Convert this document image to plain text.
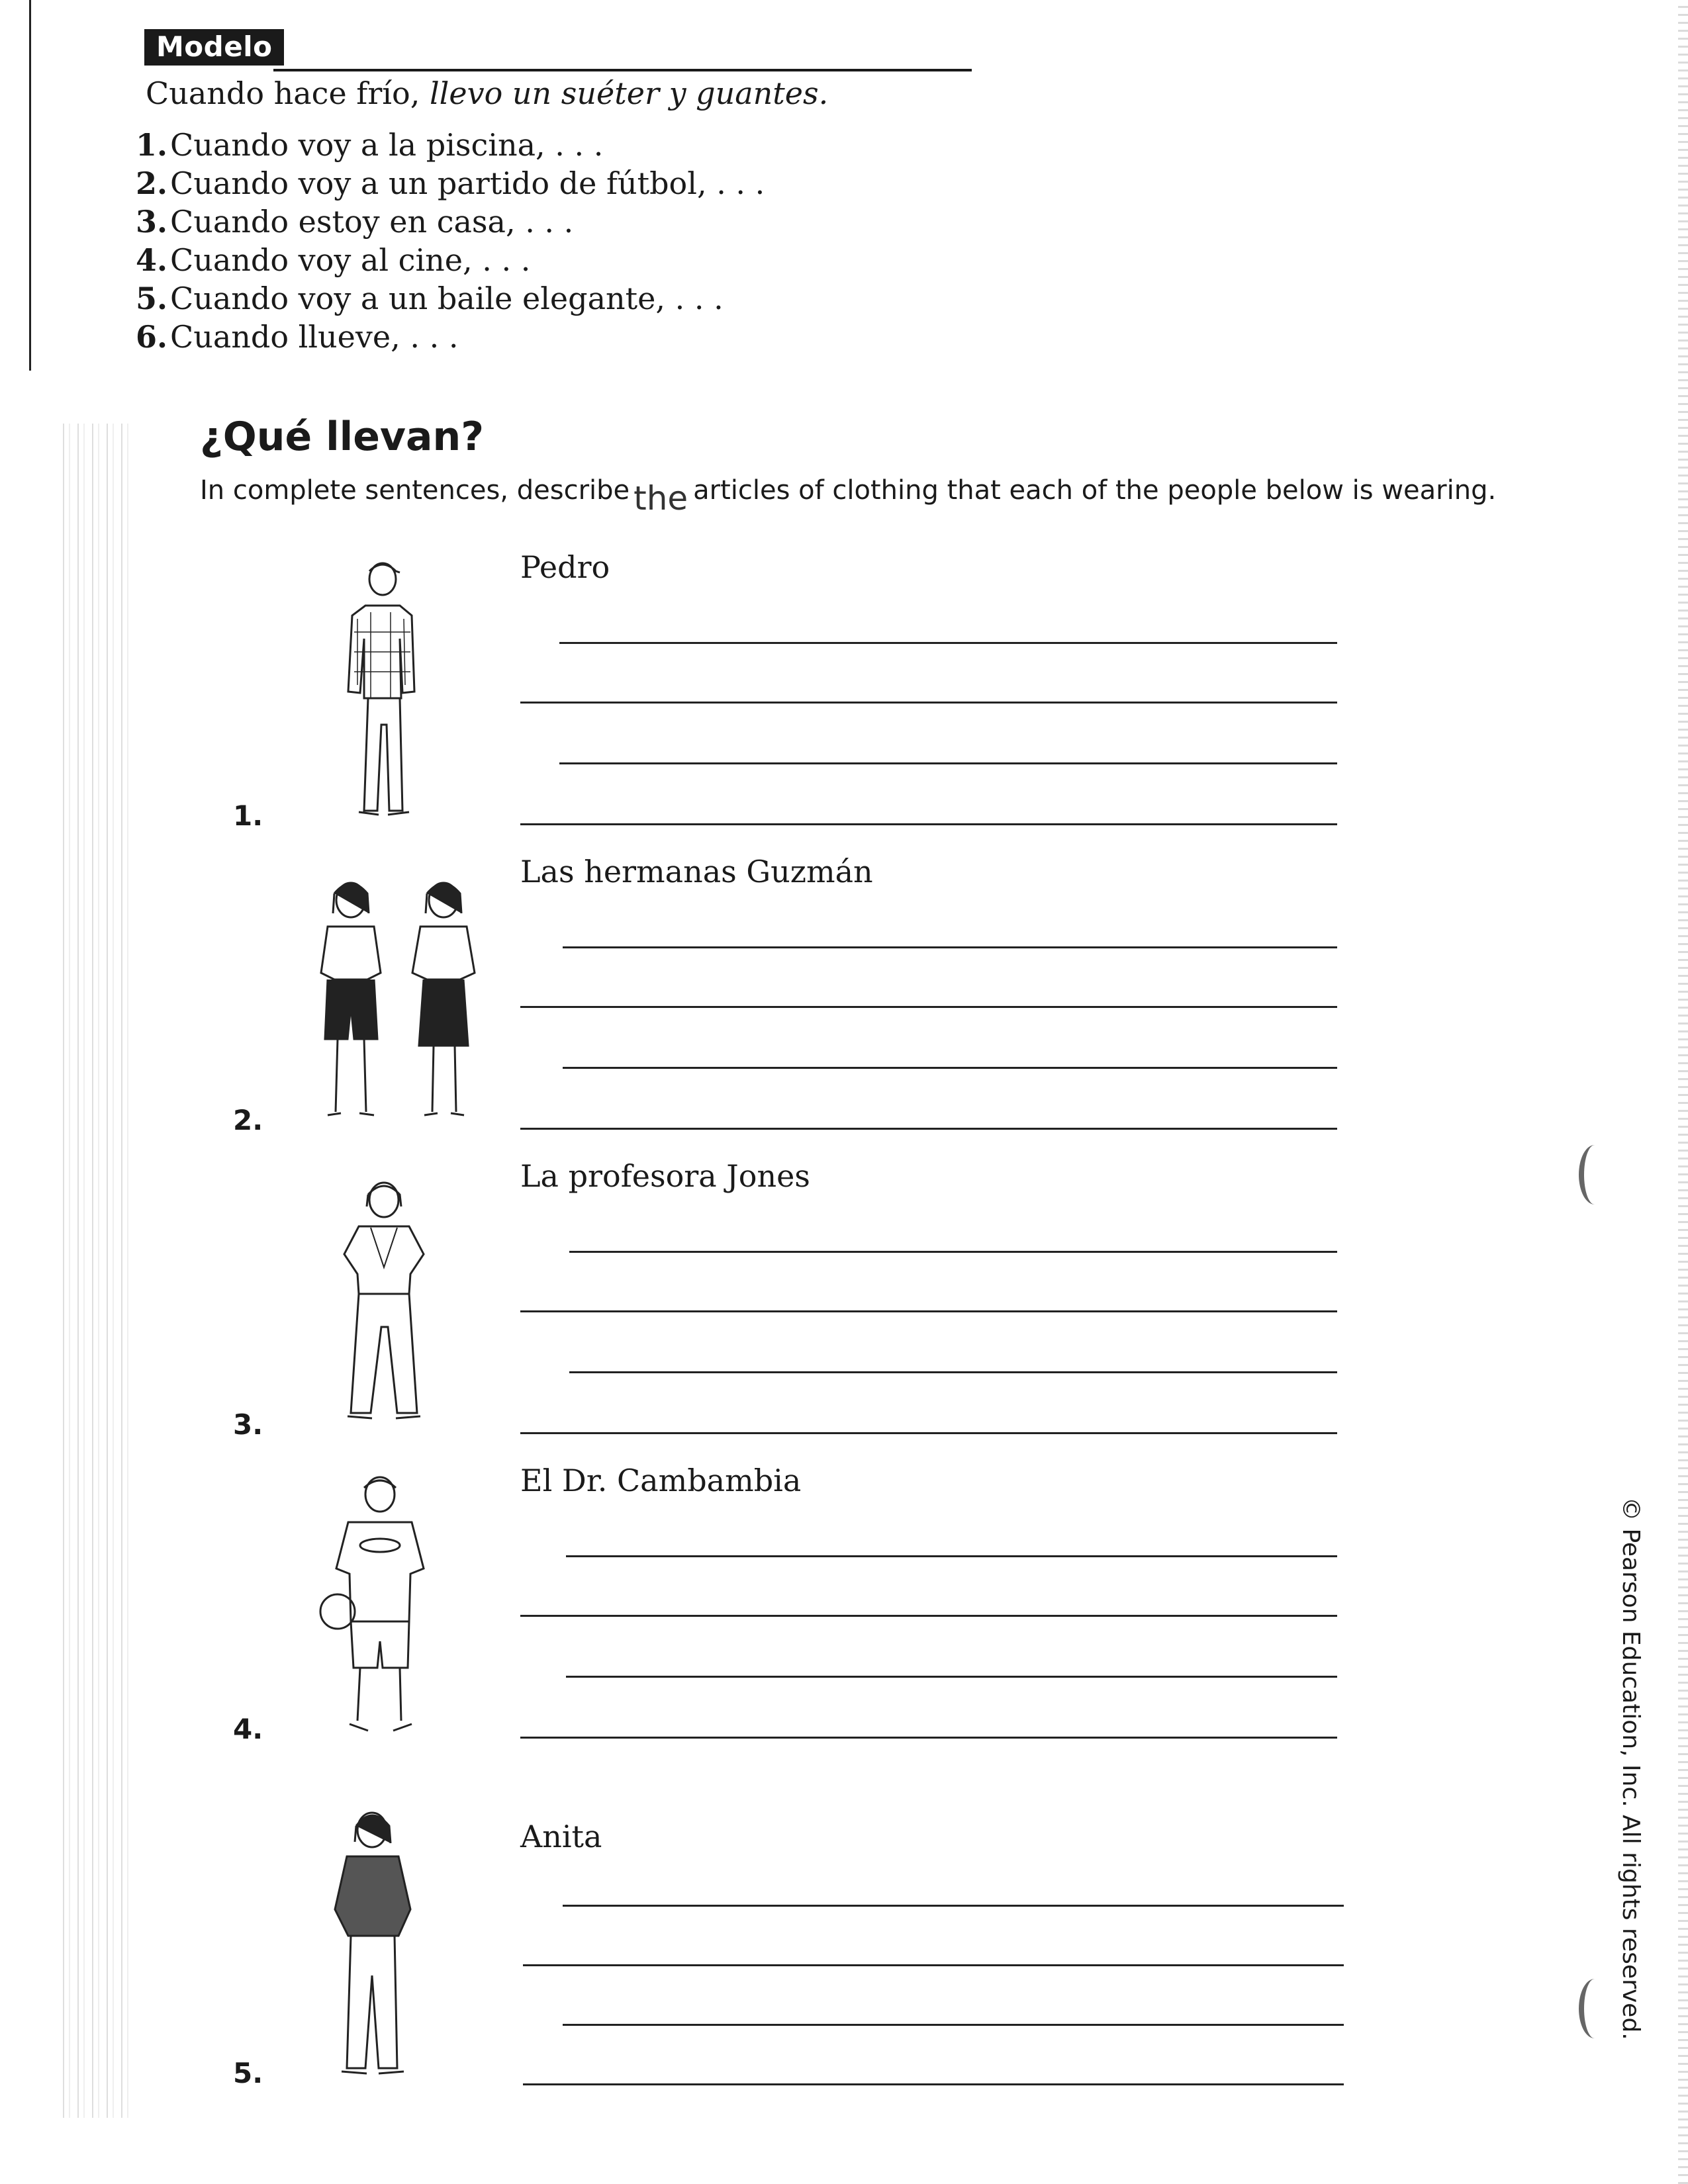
Modelo
Cuando hace frío, llevo un suéter y guantes.
1.Cuando voy a la piscina, . . .
2.Cuando voy a un partido de fútbol, . . .
3.Cuando estoy en casa, . . .
4.Cuando voy al cine, . . .
5.Cuando voy a un baile elegante, . . .
6.Cuando llueve, . . .
¿Qué llevan?

In complete sentences, describe the articles of clothing that each of the people below is wearing.

1.
Pedro
2.
Las hermanas Guzmán
3.
La profesora Jones
4.
El Dr. Cambambia
5.
Anita	© Pearson Education, Inc. All rights reserved.
